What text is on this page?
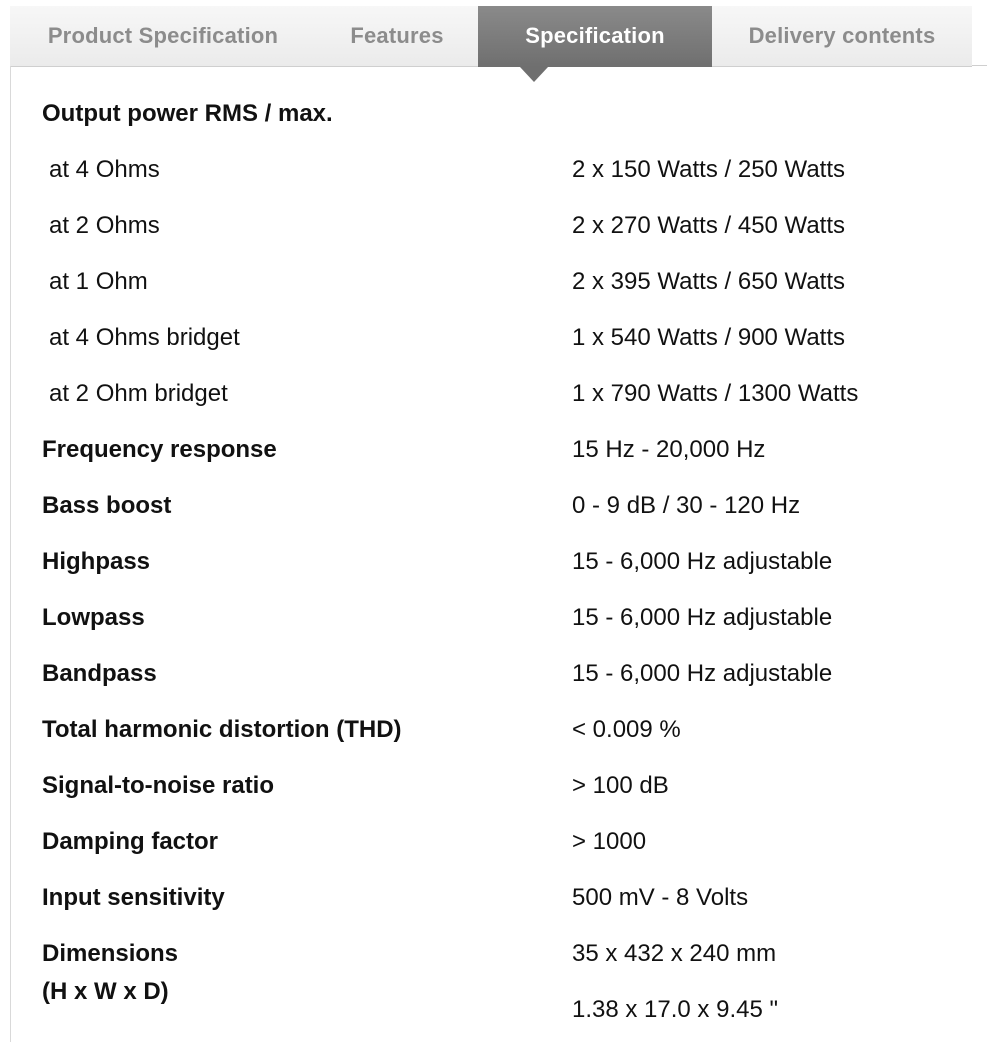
Product Specification	Features	Specification	Delivery contents
Output power RMS / max.
at 4 Ohms	2 x 150 Watts / 250 Watts
at 2 Ohms	2 x 270 Watts / 450 Watts
at 1 Ohm	2 x 395 Watts / 650 Watts
at 4 Ohms bridget	1 x 540 Watts / 900 Watts
at 2 Ohm bridget	1 x 790 Watts / 1300 Watts
Frequency response	15 Hz - 20,000 Hz
Bass boost	0 - 9 dB / 30 - 120 Hz
Highpass	15 - 6,000 Hz adjustable
Lowpass	15 - 6,000 Hz adjustable
Bandpass	15 - 6,000 Hz adjustable
Total harmonic distortion (THD)	< 0.009 %
Signal-to-noise ratio	> 100 dB
Damping factor	> 1000
Input sensitivity	500 mV - 8 Volts
Dimensions	35 x 432 x 240 mm
(H x W x D)
1.38 x 17.0 x 9.45 "
